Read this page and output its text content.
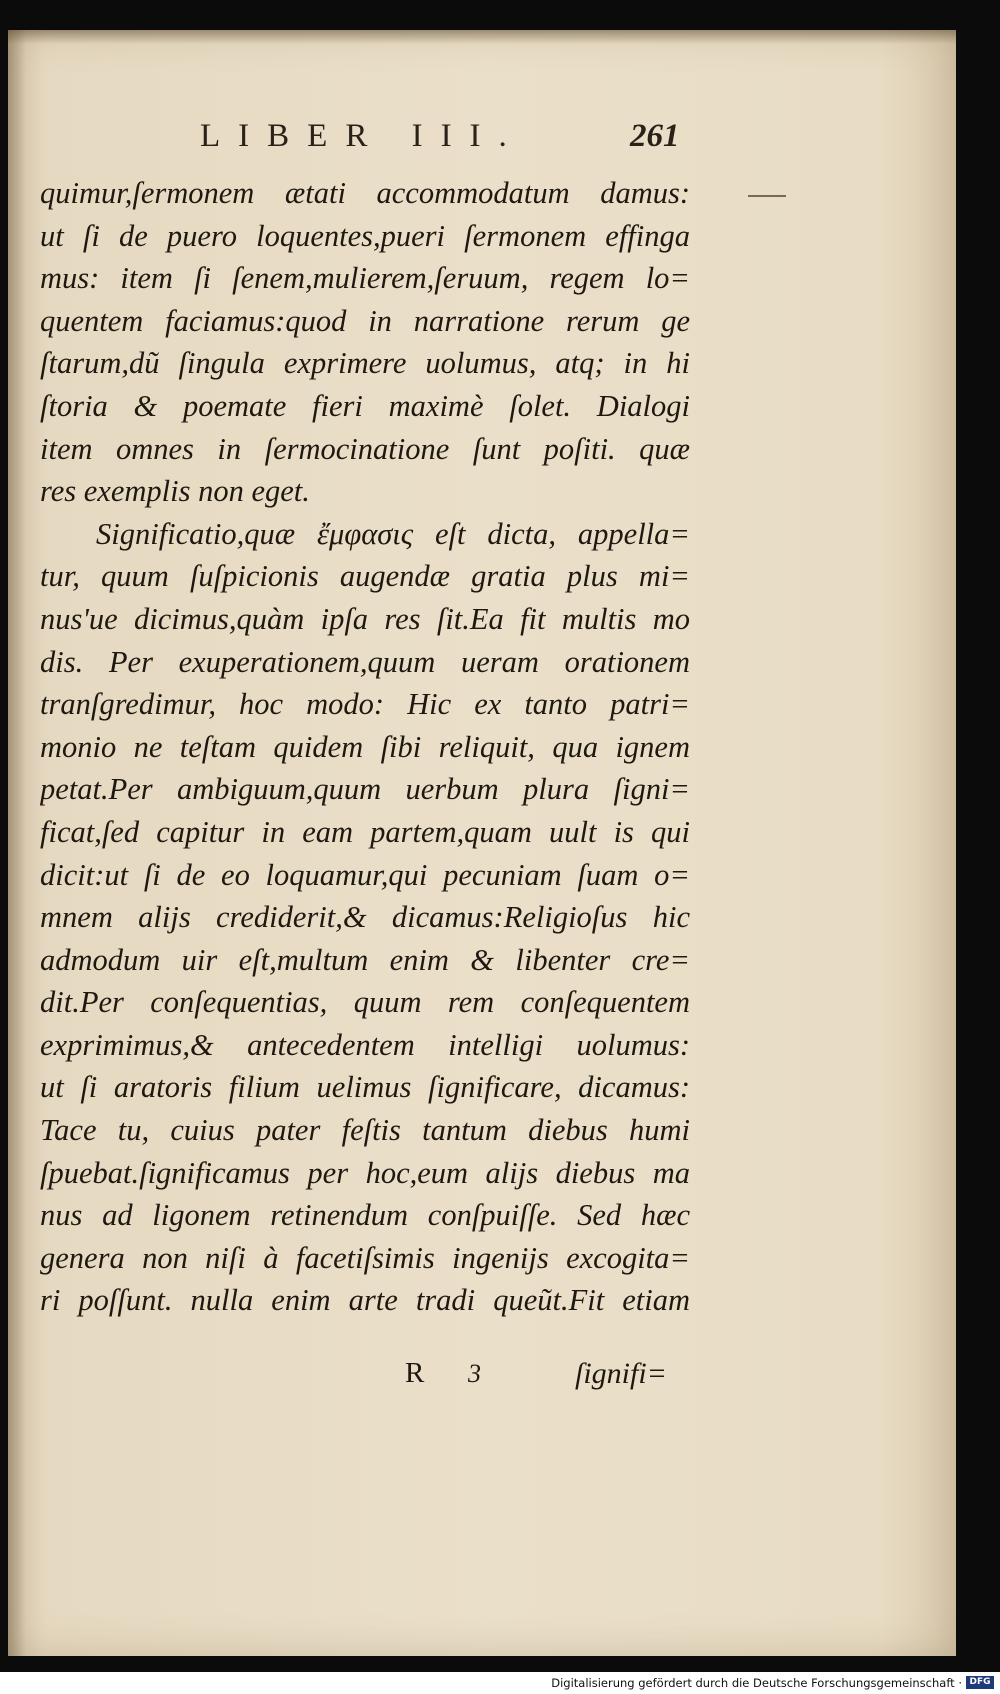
LIBER III.	261
quimur,ſermonem ætati accommodatum damus:
ut ſi de puero loquentes,pueri ſermonem effinga
mus: item ſi ſenem,mulierem,ſeruum, regem lo=
quentem faciamus:quod in narratione rerum ge
ſtarum,dũ ſingula exprimere uolumus, atq; in hi
ſtoria & poemate fieri maximè ſolet. Dialogi
item omnes in ſermocinatione ſunt poſiti. quæ
res exemplis non eget.
Significatio,quæ ἔμφασις eſt dicta, appella=
tur, quum ſuſpicionis augendæ gratia plus mi=
nus'ue dicimus,quàm ipſa res ſit.Ea fit multis mo
dis. Per exuperationem,quum ueram orationem
tranſgredimur, hoc modo: Hic ex tanto patri=
monio ne teſtam quidem ſibi reliquit, qua ignem
petat.Per ambiguum,quum uerbum plura ſigni=
ficat,ſed capitur in eam partem,quam uult is qui
dicit:ut ſi de eo loquamur,qui pecuniam ſuam o=
mnem alijs crediderit,& dicamus:Religioſus hic
admodum uir eſt,multum enim & libenter cre=
dit.Per conſequentias, quum rem conſequentem
exprimimus,& antecedentem intelligi uolumus:
ut ſi aratoris filium uelimus ſignificare, dicamus:
Tace tu, cuius pater feſtis tantum diebus humi
ſpuebat.ſignificamus per hoc,eum alijs diebus ma
nus ad ligonem retinendum conſpuiſſe. Sed hæc
genera non niſi à facetiſsimis ingenijs excogita=
ri poſſunt. nulla enim arte tradi queũt.Fit etiam
R 3	ſignifi=
Digitalisierung gefördert durch die Deutsche Forschungsgemeinschaft · DFG
